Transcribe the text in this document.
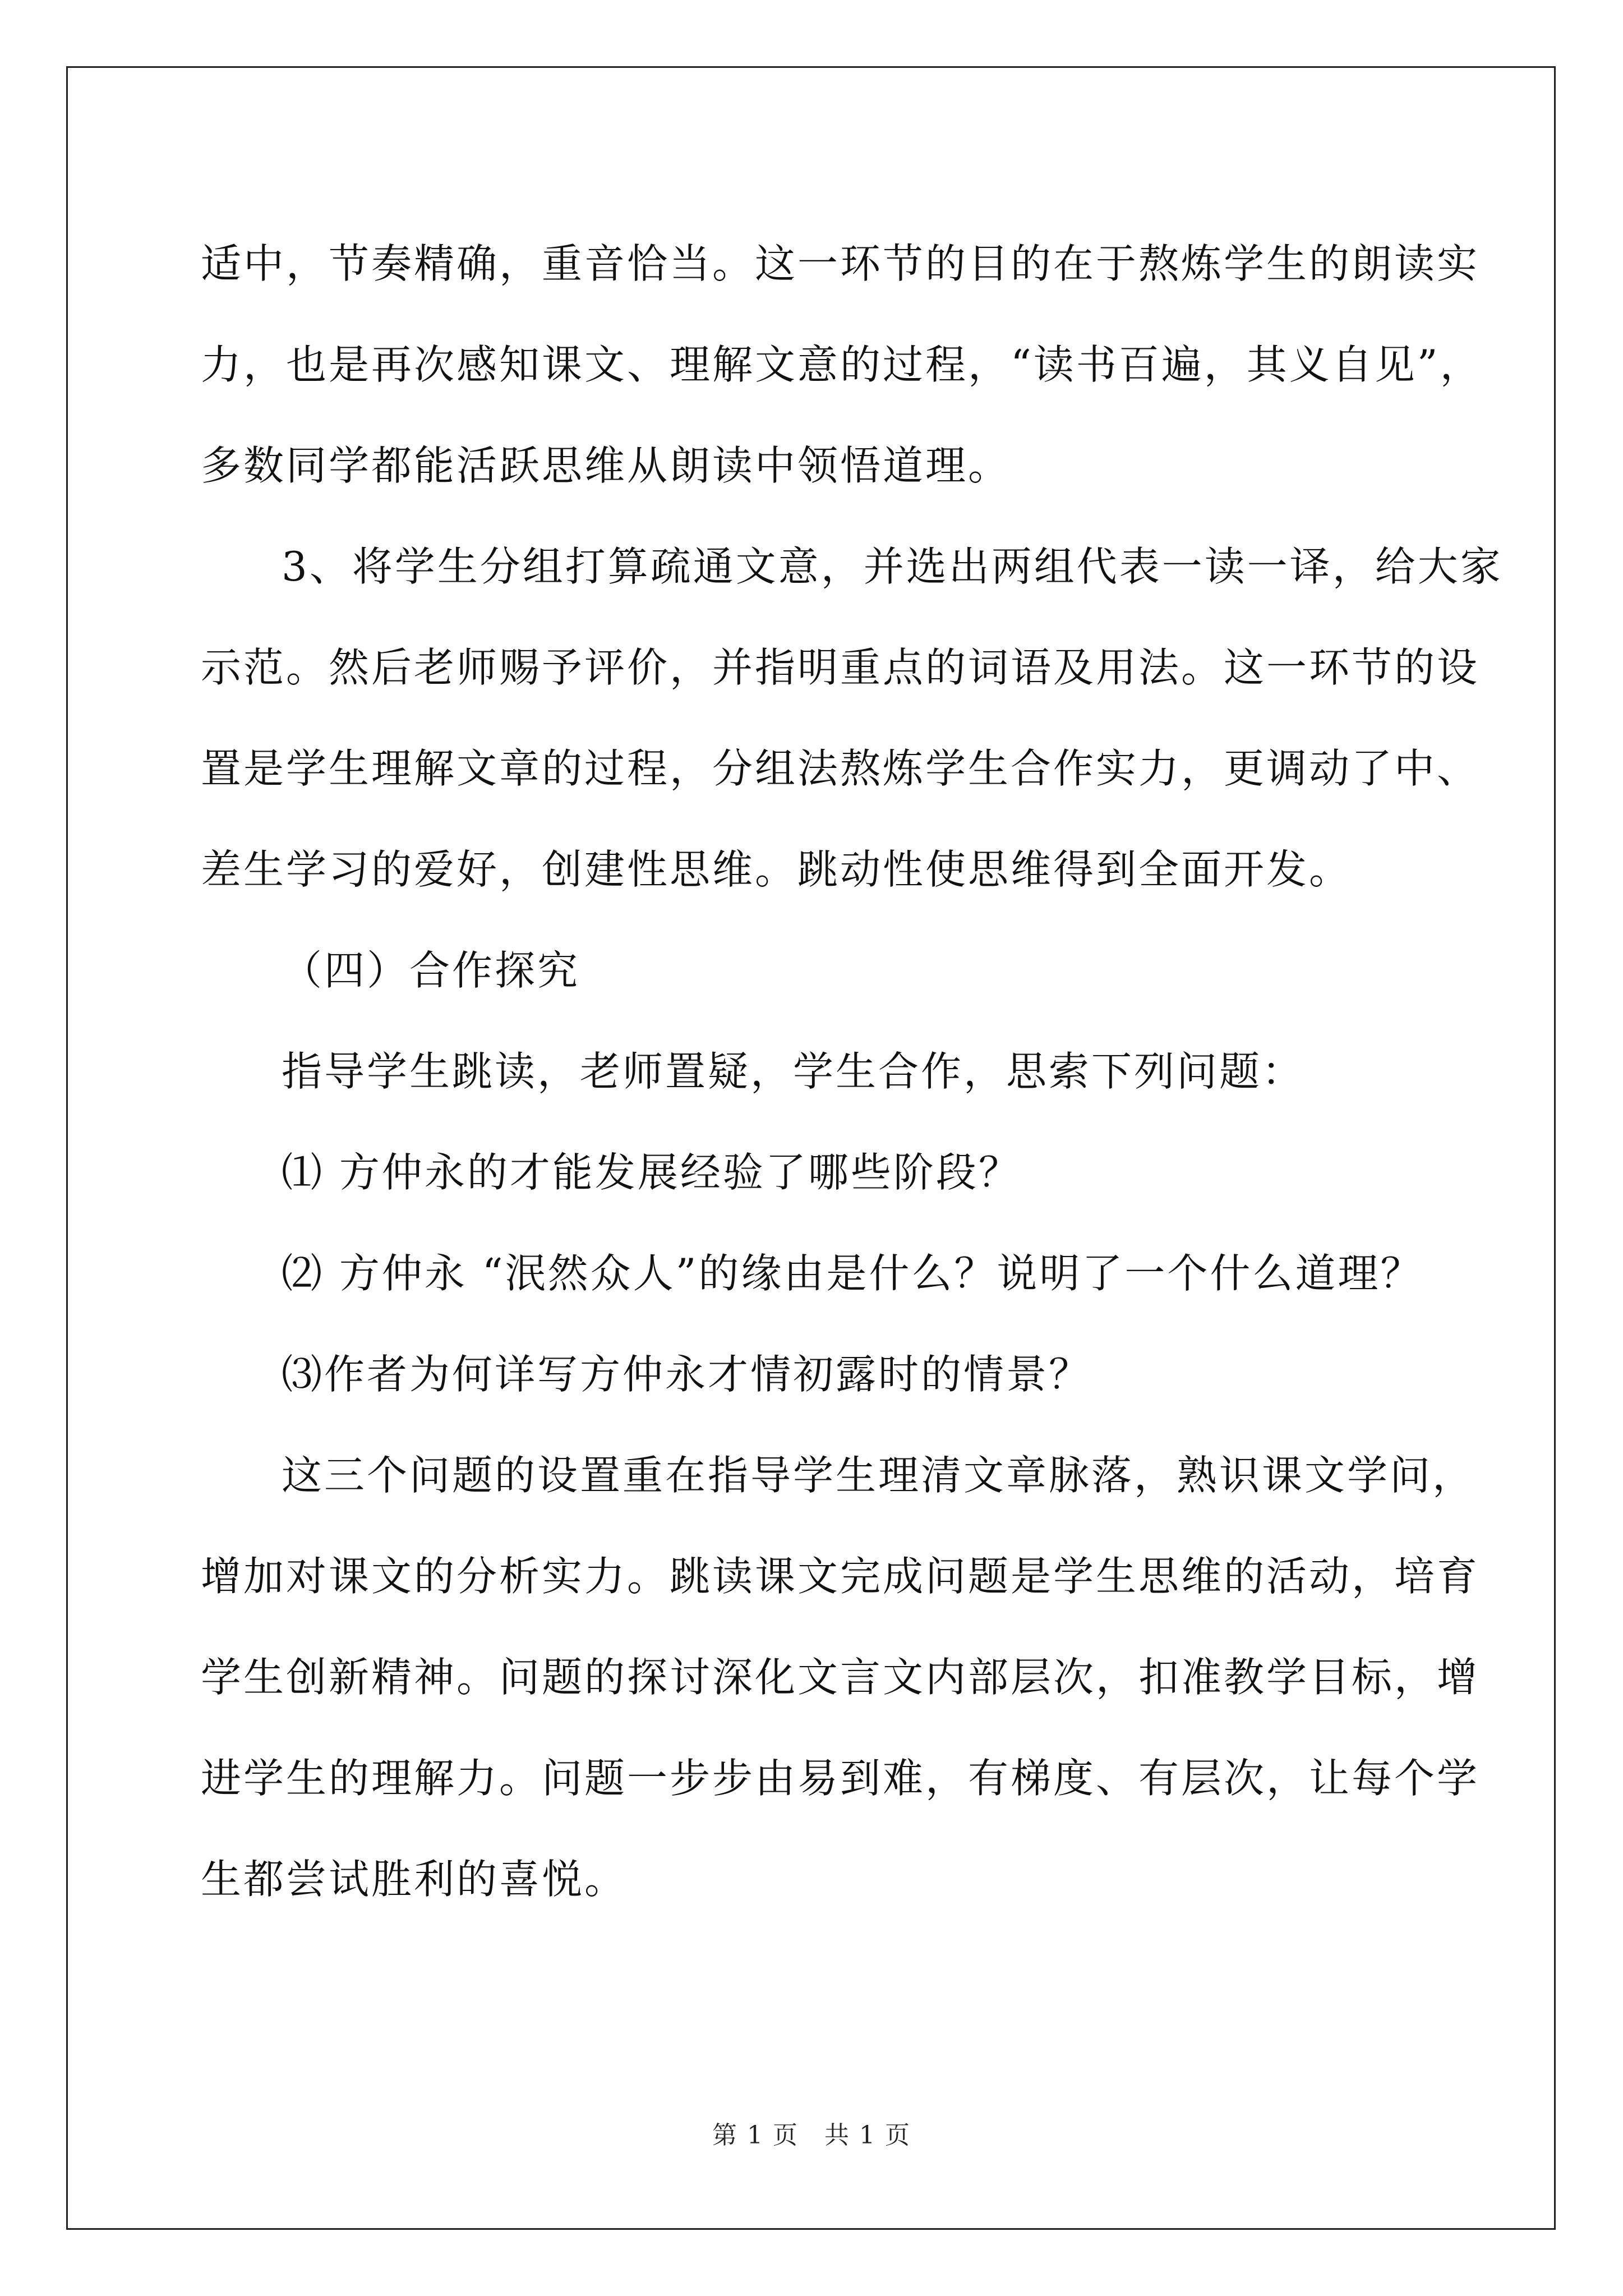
适中，节奏精确，重音恰当。这一环节的目的在于熬炼学生的朗读实
力，也是再次感知课文、理解文意的过程，“读书百遍，其义自见”，
多数同学都能活跃思维从朗读中领悟道理。

3、将学生分组打算疏通文意，并选出两组代表一读一译，给大家
示范。然后老师赐予评价，并指明重点的词语及用法。这一环节的设
置是学生理解文章的过程，分组法熬炼学生合作实力，更调动了中、
差生学习的爱好，创建性思维。跳动性使思维得到全面开发。

（四）合作探究

指导学生跳读，老师置疑，学生合作，思索下列问题：

⑴ 方仲永的才能发展经验了哪些阶段？

⑵ 方仲永 “泯然众人”的缘由是什么？说明了一个什么道理？

⑶作者为何详写方仲永才情初露时的情景？

这三个问题的设置重在指导学生理清文章脉落，熟识课文学问，
增加对课文的分析实力。跳读课文完成问题是学生思维的活动，培育
学生创新精神。问题的探讨深化文言文内部层次，扣准教学目标，增
进学生的理解力。问题一步步由易到难，有梯度、有层次，让每个学
生都尝试胜利的喜悦。

第 1 页　共 1 页
